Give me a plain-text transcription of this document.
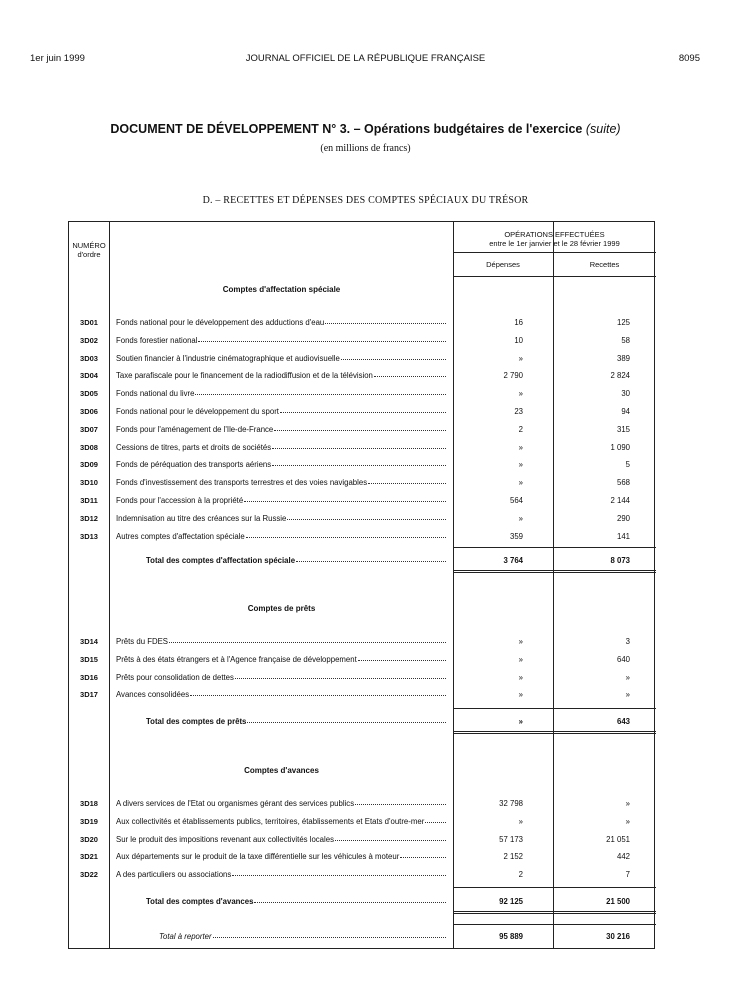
1er juin 1999	JOURNAL OFFICIEL DE LA RÉPUBLIQUE FRANÇAISE	8095
DOCUMENT DE DÉVELOPPEMENT N° 3. – Opérations budgétaires de l'exercice (suite)
(en millions de francs)
D. – RECETTES ET DÉPENSES DES COMPTES SPÉCIAUX DU TRÉSOR
NUMÉRO
d'ordre
OPÉRATIONS EFFECTUÉES
entre le 1er janvier et le 28 février 1999
Dépenses	Recettes
Comptes d'affectation spéciale
3D01	Fonds national pour le développement des adductions d'eau	16	125
3D02	Fonds forestier national	10	58
3D03	Soutien financier à l'industrie cinématographique et audiovisuelle	»	389
3D04	Taxe parafiscale pour le financement de la radiodiffusion et de la télévision	2 790	2 824
3D05	Fonds national du livre	»	30
3D06	Fonds national pour le développement du sport	23	94
3D07	Fonds pour l'aménagement de l'Ile-de-France	2	315
3D08	Cessions de titres, parts et droits de sociétés	»	1 090
3D09	Fonds de péréquation des transports aériens	»	5
3D10	Fonds d'investissement des transports terrestres et des voies navigables	»	568
3D11	Fonds pour l'accession à la propriété	564	2 144
3D12	Indemnisation au titre des créances sur la Russie	»	290
3D13	Autres comptes d'affectation spéciale	359	141
Total des comptes d'affectation spéciale	3 764	8 073
Comptes de prêts
3D14	Prêts du FDES	»	3
3D15	Prêts à des états étrangers et à l'Agence française de développement	»	640
3D16	Prêts pour consolidation de dettes	»	»
3D17	Avances consolidées	»	»
Total des comptes de prêts	»	643
Comptes d'avances
3D18	A divers services de l'Etat ou organismes gérant des services publics	32 798	»
3D19	Aux collectivités et établissements publics, territoires, établissements et Etats d'outre-mer	»	»
3D20	Sur le produit des impositions revenant aux collectivités locales	57 173	21 051
3D21	Aux départements sur le produit de la taxe différentielle sur les véhicules à moteur	2 152	442
3D22	A des particuliers ou associations	2	7
Total des comptes d'avances	92 125	21 500
Total à reporter	95 889	30 216
